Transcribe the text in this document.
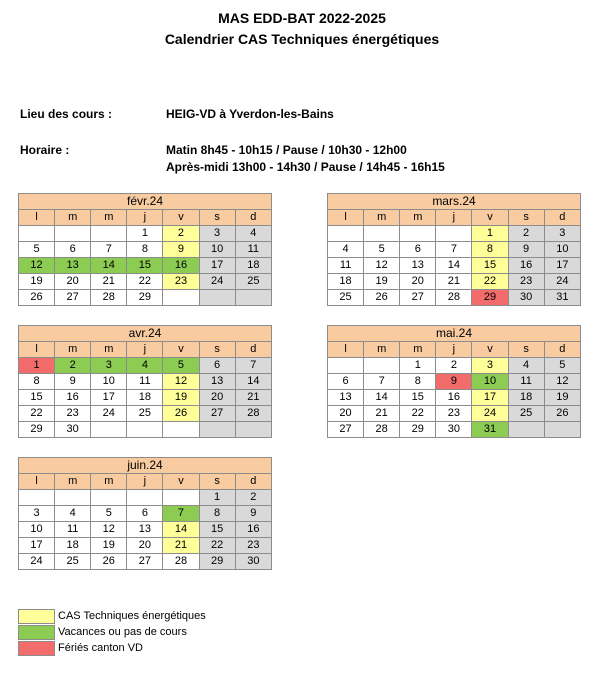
MAS EDD-BAT 2022-2025
Calendrier CAS Techniques énergétiques
Lieu des cours :	HEIG-VD à Yverdon-les-Bains
Horaire :	Matin 8h45 - 10h15 / Pause / 10h30 - 12h00
Après-midi 13h00 - 14h30 / Pause / 14h45 - 16h15
févr.24						
l	m	m	j	v	s	d
			1	2	3	4
5	6	7	8	9	10	11
12	13	14	15	16	17	18
19	20	21	22	23	24	25
26	27	28	29			
mars.24						
l	m	m	j	v	s	d
				1	2	3
4	5	6	7	8	9	10
11	12	13	14	15	16	17
18	19	20	21	22	23	24
25	26	27	28	29	30	31
avr.24						
l	m	m	j	v	s	d
1	2	3	4	5	6	7
8	9	10	11	12	13	14
15	16	17	18	19	20	21
22	23	24	25	26	27	28
29	30					
mai.24						
l	m	m	j	v	s	d
		1	2	3	4	5
6	7	8	9	10	11	12
13	14	15	16	17	18	19
20	21	22	23	24	25	26
27	28	29	30	31		
juin.24						
l	m	m	j	v	s	d
					1	2
3	4	5	6	7	8	9
10	11	12	13	14	15	16
17	18	19	20	21	22	23
24	25	26	27	28	29	30
CAS Techniques énergétiques
Vacances ou pas de cours
Fériés canton VD
